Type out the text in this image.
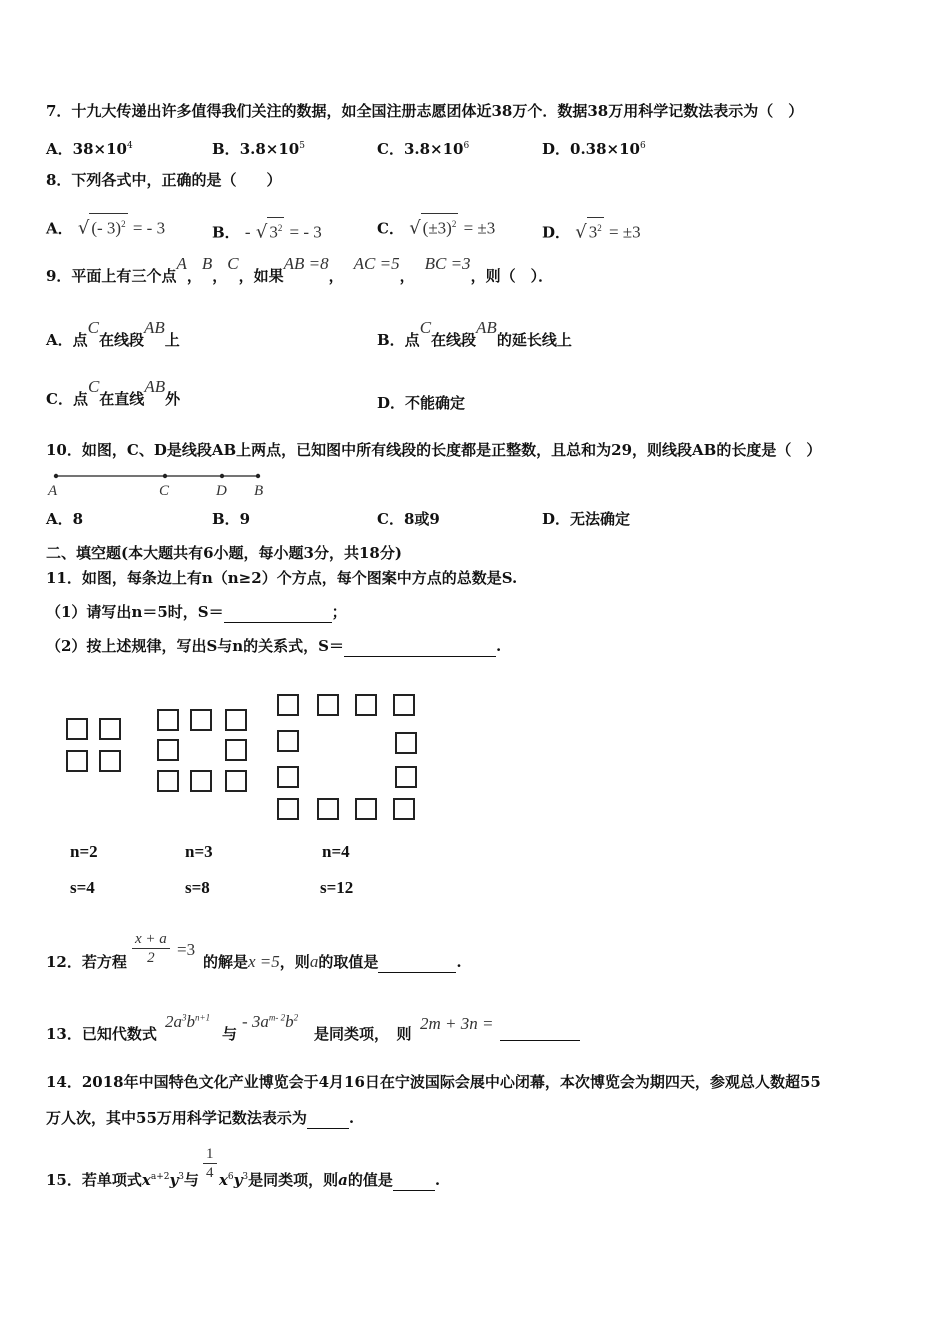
7．十九大传递出许多值得我们关注的数据，如全国注册志愿团体近38万个．数据38万用科学记数法表示为（　）
A．$38\times 10^4$	B．$3.8\times 10^5$	C．$3.8\times 10^6$	D．$0.38\times 10^6$
8．下列各式中，正确的是（　　）
A． √ (- 3)$^2$ = - 3	B． - √ $3^2$ = - 3	C． √ $(\pm 3)^2 = \pm 3$	D． √ $3^2 = \pm 3$
9．平面上有三个点A，B，C，如果AB =8，AC =5，BC =3，则（　）．
A．点C在线段AB上	B．点C在线段AB的延长线上
C．点C在直线AB外	D．不能确定
10．如图，C、D是线段AB上两点，已知图中所有线段的长度都是正整数，且总和为29，则线段AB的长度是（　）
A	C	D B
A．8	B．9	C．8或9	D．无法确定
二、填空题(本大题共有6小题，每小题3分，共18分)
11．如图，每条边上有n（n≥2）个方点，每个图案中方点的总数是S.
（1）请写出n＝5时，S＝	；
（2）按上述规律，写出S与n的关系式，S＝	.
n=2	n=3	n=4
s=4	s=8	s=12
12．若方程 $\frac{x + a}{2} =3$
的解是x =5，则a的取值是	.
13．已知代数式
$2a^3b^{n+1}$
与
- $3a^{m- 2}b^2$
是同类项，　则
2m + 3n =
14．2018年中国特色文化产业博览会于4月16日在宁波国际会展中心闭幕，本次博览会为期四天，参观总人数超55
万人次，其中55万用科学记数法表示为	.
15．若单项式$x^{a+2}y^3$与 $x^6y^3$是同类项，则a的值是	.
$\frac{1}{4}$
